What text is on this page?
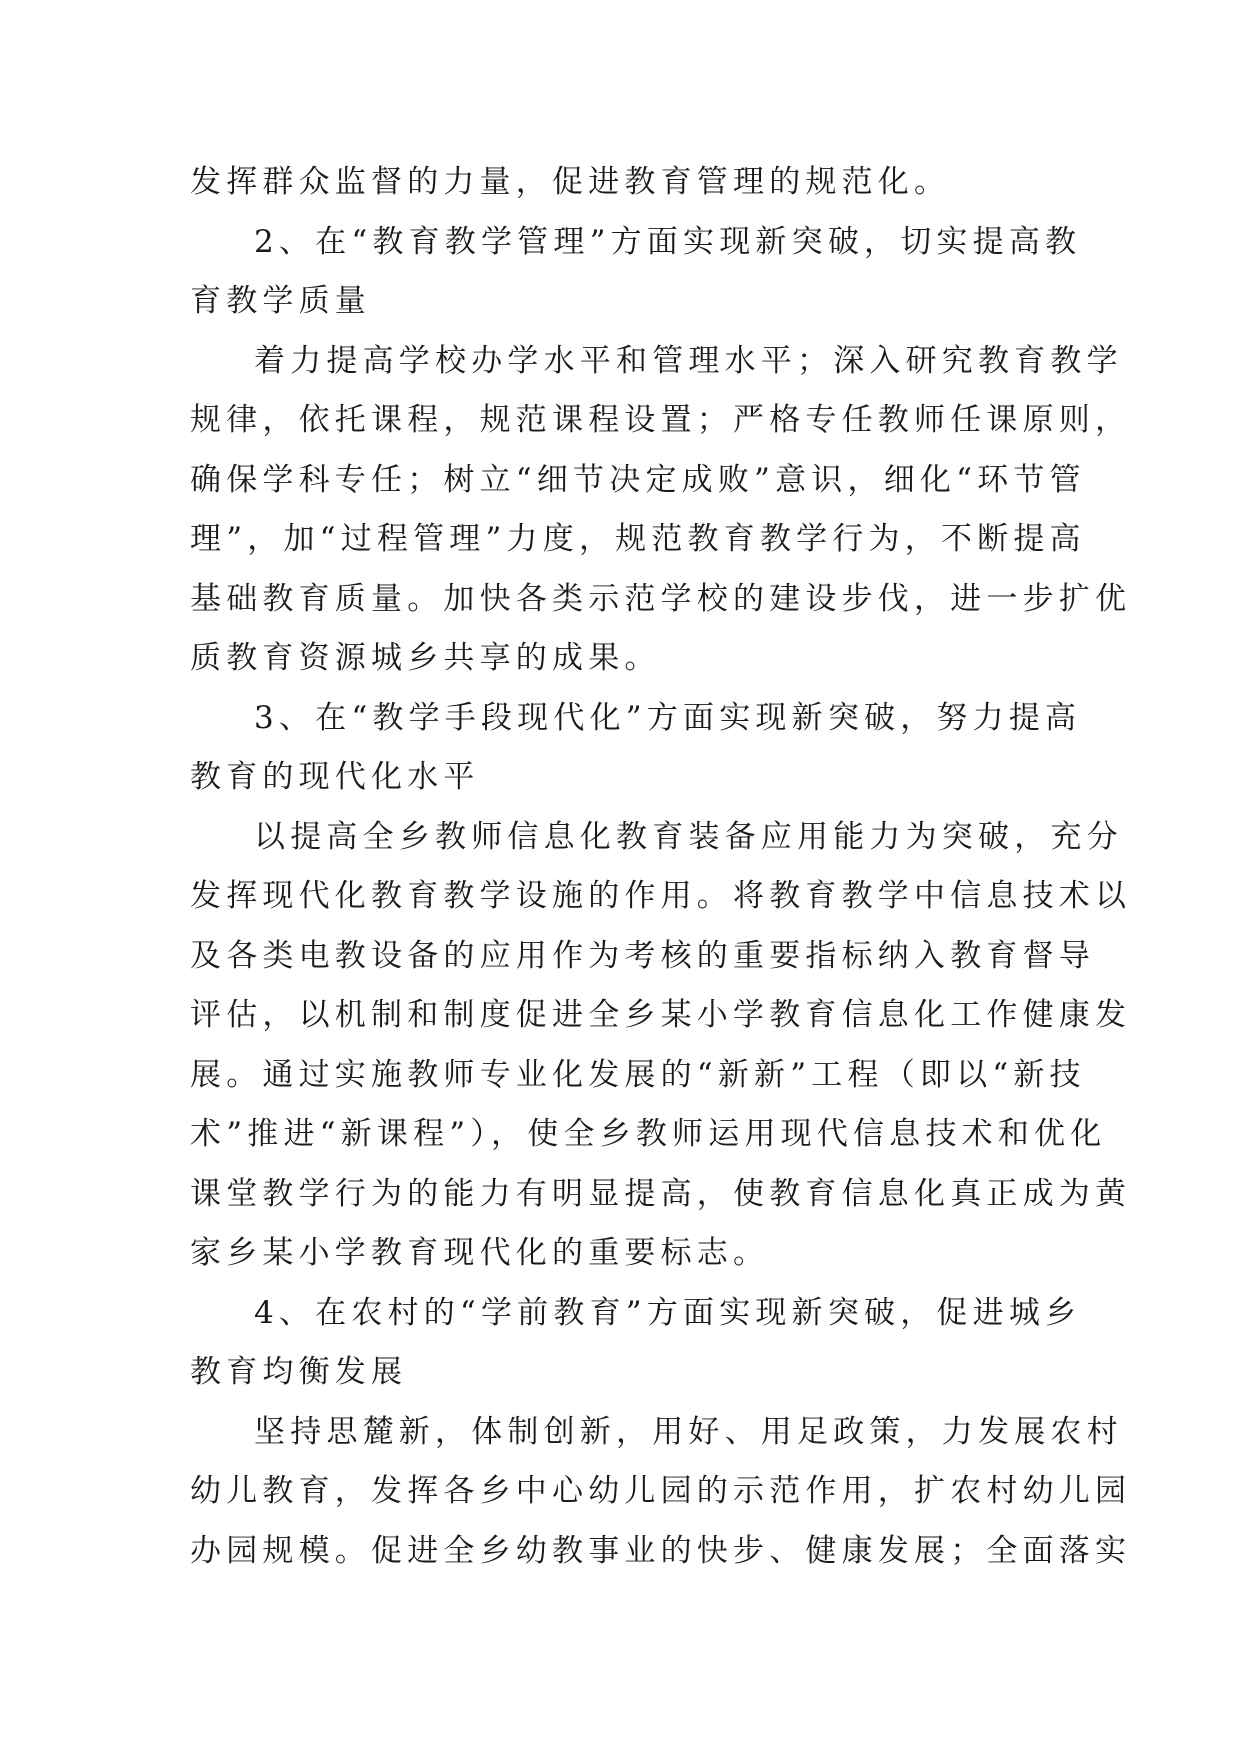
发挥群众监督的力量，促进教育管理的规范化。
2、在“教育教学管理”方面实现新突破，切实提高教
育教学质量
着力提高学校办学水平和管理水平；深入研究教育教学
规律，依托课程，规范课程设置；严格专任教师任课原则，
确保学科专任；树立“细节决定成败”意识，细化“环节管
理”，加“过程管理”力度，规范教育教学行为，不断提高
基础教育质量。加快各类示范学校的建设步伐，进一步扩优
质教育资源城乡共享的成果。
3、在“教学手段现代化”方面实现新突破，努力提高
教育的现代化水平
以提高全乡教师信息化教育装备应用能力为突破，充分
发挥现代化教育教学设施的作用。将教育教学中信息技术以
及各类电教设备的应用作为考核的重要指标纳入教育督导
评估，以机制和制度促进全乡某小学教育信息化工作健康发
展。通过实施教师专业化发展的“新新”工程（即以“新技
术”推进“新课程”），使全乡教师运用现代信息技术和优化
课堂教学行为的能力有明显提高，使教育信息化真正成为黄
家乡某小学教育现代化的重要标志。
4、在农村的“学前教育”方面实现新突破，促进城乡
教育均衡发展
坚持思麓新，体制创新，用好、用足政策，力发展农村
幼儿教育，发挥各乡中心幼儿园的示范作用，扩农村幼儿园
办园规模。促进全乡幼教事业的快步、健康发展；全面落实
